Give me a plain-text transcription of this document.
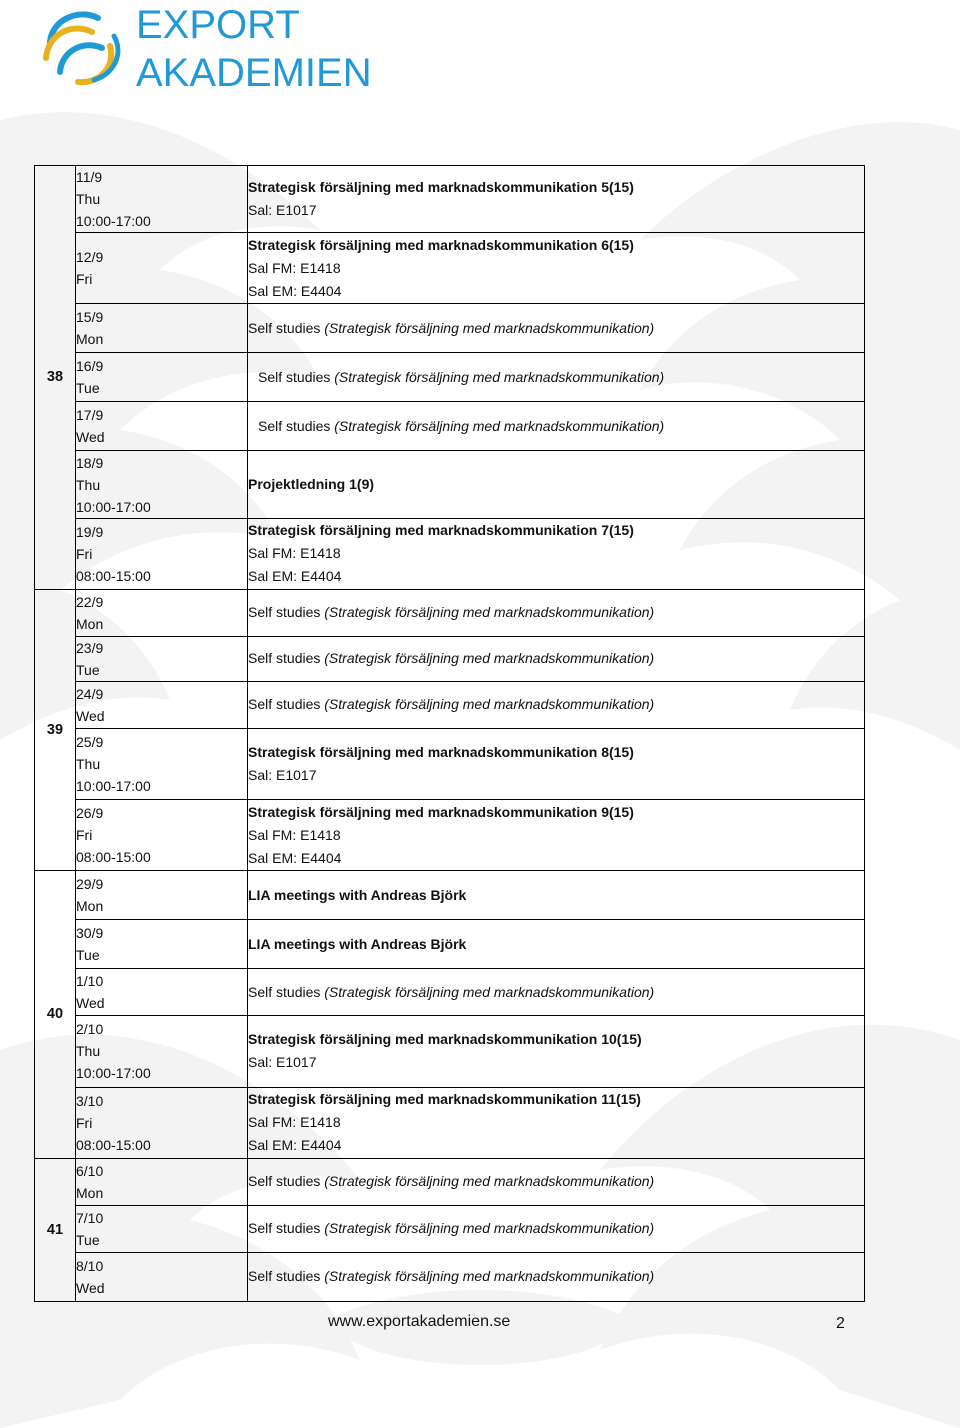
EXPORT
AKADEMIEN
38	11/9
Thu
10:00-17:00	Strategisk försäljning med marknadskommunikation 5(15)
Sal: E1017

	12/9
Fri	Strategisk försäljning med marknadskommunikation 6(15)
Sal FM: E1418
Sal EM: E4404

	15/9
Mon	Self studies (Strategisk försäljning med marknadskommunikation)

	16/9
Tue	Self studies (Strategisk försäljning med marknadskommunikation)

	17/9
Wed	Self studies (Strategisk försäljning med marknadskommunikation)

	18/9
Thu
10:00-17:00	Projektledning 1(9)

	19/9
Fri
08:00-15:00	Strategisk försäljning med marknadskommunikation 7(15)
Sal FM: E1418
Sal EM: E4404

39	22/9
Mon	Self studies (Strategisk försäljning med marknadskommunikation)

	23/9
Tue	Self studies (Strategisk försäljning med marknadskommunikation)

	24/9
Wed	Self studies (Strategisk försäljning med marknadskommunikation)

	25/9
Thu
10:00-17:00	Strategisk försäljning med marknadskommunikation 8(15)
Sal: E1017

	26/9
Fri
08:00-15:00	Strategisk försäljning med marknadskommunikation 9(15)
Sal FM: E1418
Sal EM: E4404

40	29/9
Mon	LIA meetings with Andreas Björk

	30/9
Tue	LIA meetings with Andreas Björk

	1/10
Wed	Self studies (Strategisk försäljning med marknadskommunikation)

	2/10
Thu
10:00-17:00	Strategisk försäljning med marknadskommunikation 10(15)
Sal: E1017

	3/10
Fri
08:00-15:00	Strategisk försäljning med marknadskommunikation 11(15)
Sal FM: E1418
Sal EM: E4404

41	6/10
Mon	Self studies (Strategisk försäljning med marknadskommunikation)

	7/10
Tue	Self studies (Strategisk försäljning med marknadskommunikation)

	8/10
Wed	Self studies (Strategisk försäljning med marknadskommunikation)
www.exportakademien.se	2
